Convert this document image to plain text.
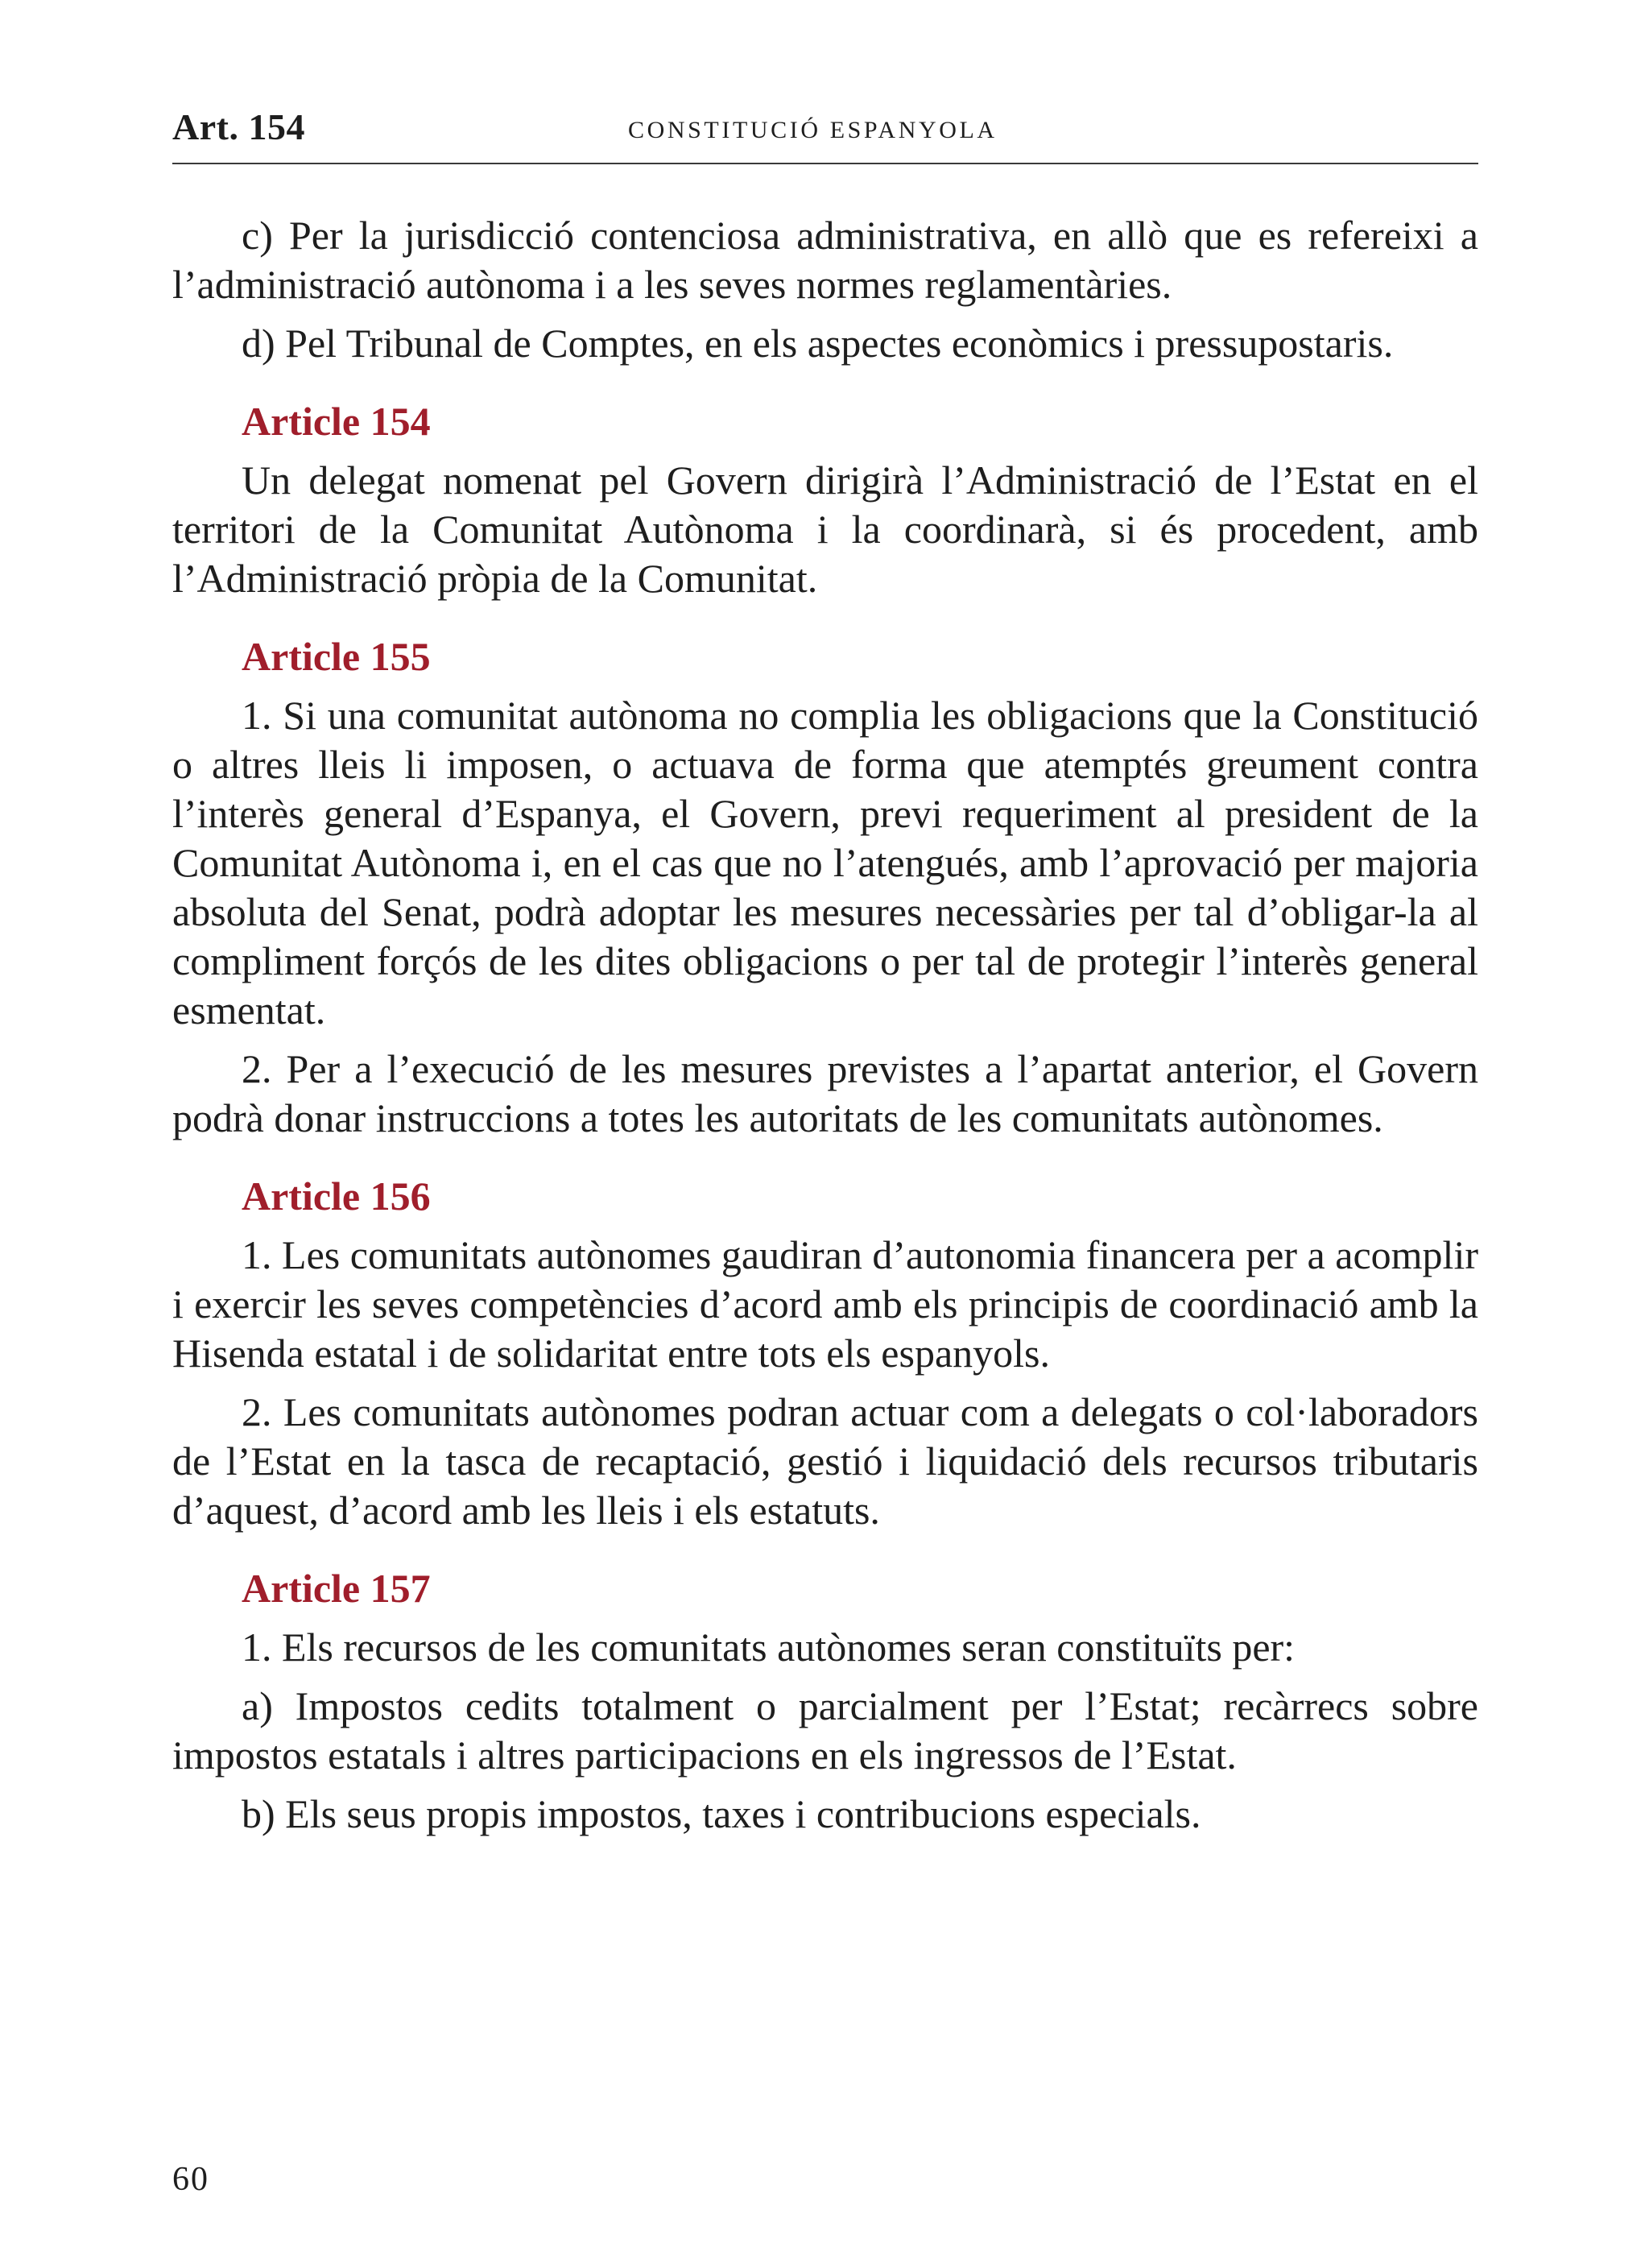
Art. 154	CONSTITUCIÓ ESPANYOLA

c) Per la jurisdicció contenciosa administrativa, en allò que es refereixi a l’administració autònoma i a les seves normes reglamentàries.

d) Pel Tribunal de Comptes, en els aspectes econòmics i pressupostaris.

Article 154

Un delegat nomenat pel Govern dirigirà l’Administració de l’Estat en el territori de la Comunitat Autònoma i la coordinarà, si és procedent, amb l’Administració pròpia de la Comunitat.

Article 155

1. Si una comunitat autònoma no complia les obligacions que la Constitució o altres lleis li imposen, o actuava de forma que atemptés greument contra l’interès general d’Espanya, el Govern, previ requeriment al president de la Comunitat Autònoma i, en el cas que no l’atengués, amb l’aprovació per majoria absoluta del Senat, podrà adoptar les mesures necessàries per tal d’obligar-la al compliment forçós de les dites obligacions o per tal de protegir l’interès general esmentat.

2. Per a l’execució de les mesures previstes a l’apartat anterior, el Govern podrà donar instruccions a totes les autoritats de les comunitats autònomes.

Article 156

1. Les comunitats autònomes gaudiran d’autonomia financera per a acomplir i exercir les seves competències d’acord amb els principis de coordinació amb la Hisenda estatal i de solidaritat entre tots els espanyols.

2. Les comunitats autònomes podran actuar com a delegats o col·laboradors de l’Estat en la tasca de recaptació, gestió i liquidació dels recursos tributaris d’aquest, d’acord amb les lleis i els estatuts.

Article 157

1. Els recursos de les comunitats autònomes seran constituïts per:

a) Impostos cedits totalment o parcialment per l’Estat; recàrrecs sobre impostos estatals i altres participacions en els ingressos de l’Estat.

b) Els seus propis impostos, taxes i contribucions especials.

60
